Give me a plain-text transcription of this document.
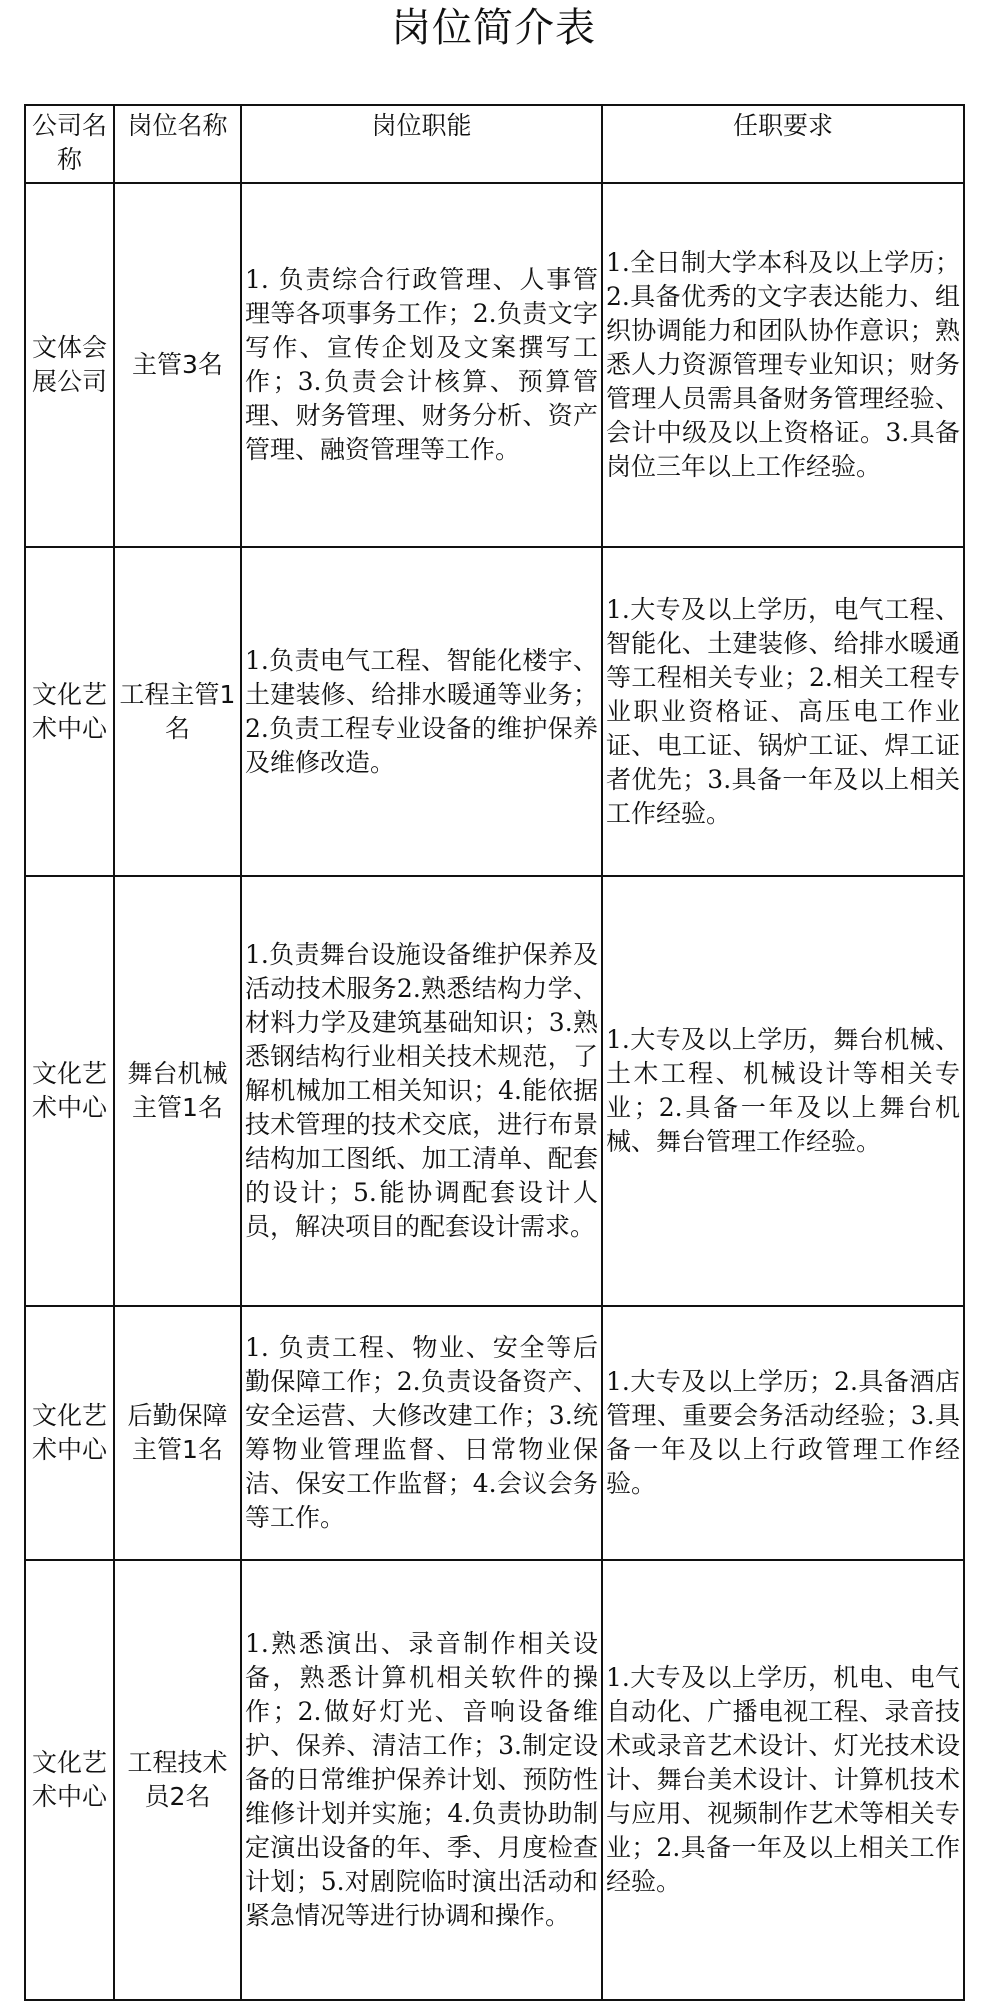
岗位简介表
公司名称	岗位名称	岗位职能	任职要求
文体会展公司	主管3名	1. 负责综合行政管理、人事管理等各项事务工作；2.负责文字写作、宣传企划及文案撰写工作；3.负责会计核算、预算管理、财务管理、财务分析、资产管理、融资管理等工作。	1.全日制大学本科及以上学历；2.具备优秀的文字表达能力、组织协调能力和团队协作意识；熟悉人力资源管理专业知识；财务管理人员需具备财务管理经验、会计中级及以上资格证。3.具备岗位三年以上工作经验。
文化艺术中心	工程主管1名	1.负责电气工程、智能化楼宇、土建装修、给排水暖通等业务；2.负责工程专业设备的维护保养及维修改造。	1.大专及以上学历，电气工程、智能化、土建装修、给排水暖通等工程相关专业；2.相关工程专业职业资格证、高压电工作业证、电工证、锅炉工证、焊工证者优先；3.具备一年及以上相关工作经验。
文化艺术中心	舞台机械主管1名	1.负责舞台设施设备维护保养及活动技术服务2.熟悉结构力学、材料力学及建筑基础知识；3.熟悉钢结构行业相关技术规范，了解机械加工相关知识；4.能依据技术管理的技术交底，进行布景结构加工图纸、加工清单、配套的设计；5.能协调配套设计人员，解决项目的配套设计需求。	1.大专及以上学历，舞台机械、土木工程、机械设计等相关专业；2.具备一年及以上舞台机械、舞台管理工作经验。
文化艺术中心	后勤保障主管1名	1. 负责工程、物业、安全等后勤保障工作；2.负责设备资产、安全运营、大修改建工作；3.统筹物业管理监督、日常物业保洁、保安工作监督；4.会议会务等工作。	1.大专及以上学历；2.具备酒店管理、重要会务活动经验；3.具备一年及以上行政管理工作经验。
文化艺术中心	工程技术员2名	1.熟悉演出、录音制作相关设备，熟悉计算机相关软件的操作；2.做好灯光、音响设备维护、保养、清洁工作；3.制定设备的日常维护保养计划、预防性维修计划并实施；4.负责协助制定演出设备的年、季、月度检查计划；5.对剧院临时演出活动和紧急情况等进行协调和操作。	1.大专及以上学历，机电、电气自动化、广播电视工程、录音技术或录音艺术设计、灯光技术设计、舞台美术设计、计算机技术与应用、视频制作艺术等相关专业；2.具备一年及以上相关工作经验。
